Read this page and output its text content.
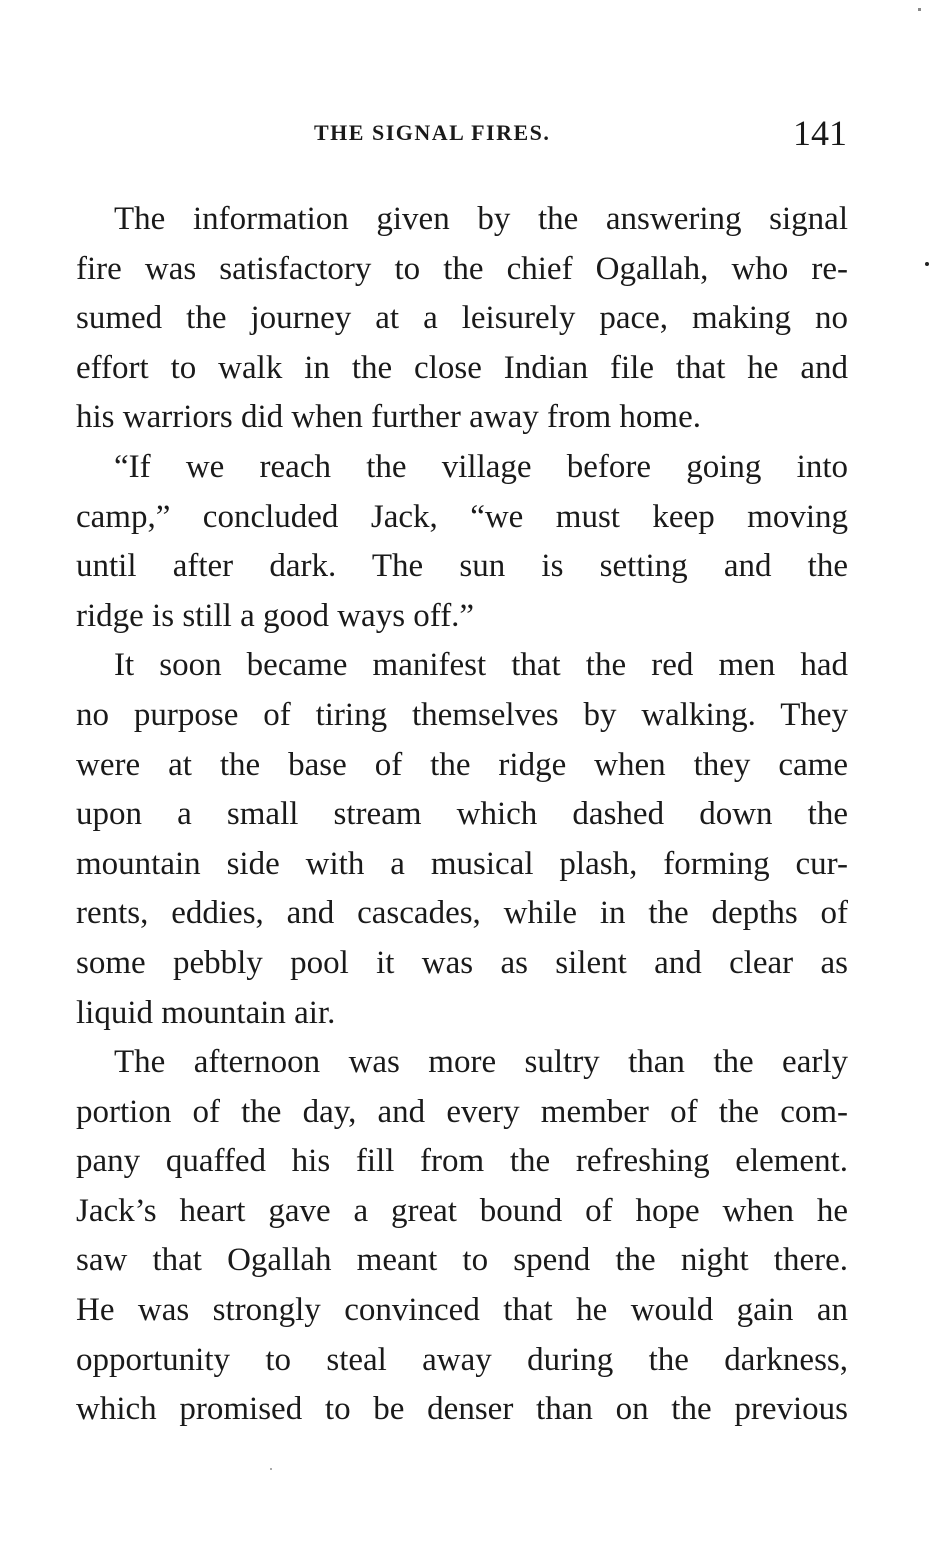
THE SIGNAL FIRES.	141
The information given by the answering signal
fire was satisfactory to the chief Ogallah, who re-
sumed the journey at a leisurely pace, making no
effort to walk in the close Indian file that he and
his warriors did when further away from home.
“If we reach the village before going into
camp,” concluded Jack, “we must keep moving
until after dark. The sun is setting and the
ridge is still a good ways off.”
It soon became manifest that the red men had
no purpose of tiring themselves by walking. They
were at the base of the ridge when they came
upon a small stream which dashed down the
mountain side with a musical plash, forming cur-
rents, eddies, and cascades, while in the depths of
some pebbly pool it was as silent and clear as
liquid mountain air.
The afternoon was more sultry than the early
portion of the day, and every member of the com-
pany quaffed his fill from the refreshing element.
Jack’s heart gave a great bound of hope when he
saw that Ogallah meant to spend the night there.
He was strongly convinced that he would gain an
opportunity to steal away during the darkness,
which promised to be denser than on the previous
